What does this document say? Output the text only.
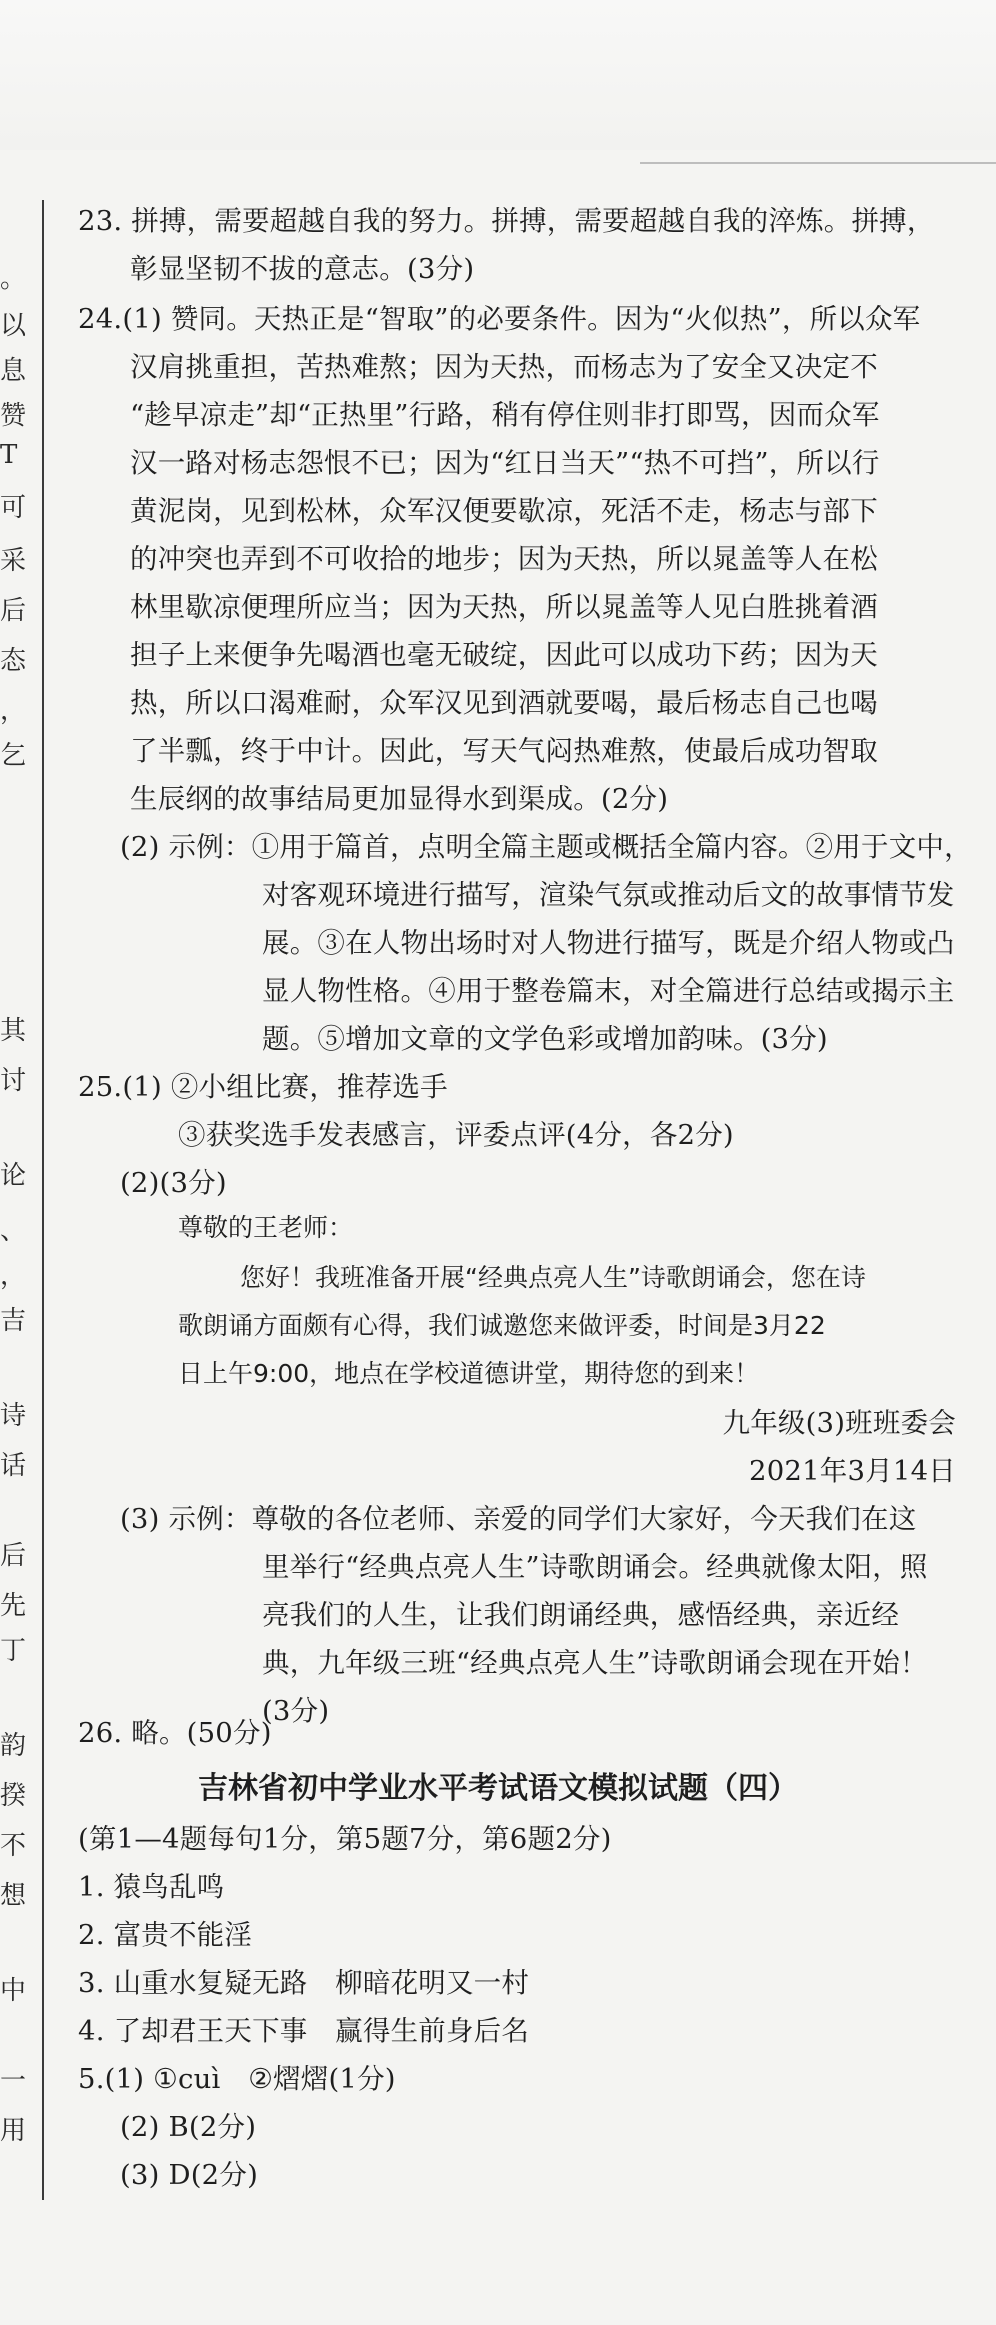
。
以
息
赞
T
可
采
后
态
，
乞
其
讨
论
、
，
吉
诗
话
后
先
丁
韵
揆
不
想
中
一
用
23. 拼搏，需要超越自我的努力。拼搏，需要超越自我的淬炼。拼搏，
彰显坚韧不拔的意志。(3分)
24.(1) 赞同。天热正是“智取”的必要条件。因为“火似热”，所以众军
汉肩挑重担，苦热难熬；因为天热，而杨志为了安全又决定不
“趁早凉走”却“正热里”行路，稍有停住则非打即骂，因而众军
汉一路对杨志怨恨不已；因为“红日当天”“热不可挡”，所以行
黄泥岗，见到松林，众军汉便要歇凉，死活不走，杨志与部下
的冲突也弄到不可收拾的地步；因为天热，所以晁盖等人在松
林里歇凉便理所应当；因为天热，所以晁盖等人见白胜挑着酒
担子上来便争先喝酒也毫无破绽，因此可以成功下药；因为天
热，所以口渴难耐，众军汉见到酒就要喝，最后杨志自己也喝
了半瓢，终于中计。因此，写天气闷热难熬，使最后成功智取
生辰纲的故事结局更加显得水到渠成。(2分)
(2) 示例：①用于篇首，点明全篇主题或概括全篇内容。②用于文中，
对客观环境进行描写，渲染气氛或推动后文的故事情节发
展。③在人物出场时对人物进行描写，既是介绍人物或凸
显人物性格。④用于整卷篇末，对全篇进行总结或揭示主
题。⑤增加文章的文学色彩或增加韵味。(3分)
25.(1) ②小组比赛，推荐选手
③获奖选手发表感言，评委点评(4分，各2分)
(2)(3分)
尊敬的王老师：
您好！我班准备开展“经典点亮人生”诗歌朗诵会，您在诗
歌朗诵方面颇有心得，我们诚邀您来做评委，时间是3月22
日上午9:00，地点在学校道德讲堂，期待您的到来！
九年级(3)班班委会
2021年3月14日
(3) 示例：尊敬的各位老师、亲爱的同学们大家好，今天我们在这
里举行“经典点亮人生”诗歌朗诵会。经典就像太阳，照
亮我们的人生，让我们朗诵经典，感悟经典，亲近经
典，九年级三班“经典点亮人生”诗歌朗诵会现在开始！
(3分)
26. 略。(50分)
吉林省初中学业水平考试语文模拟试题（四）
(第1—4题每句1分，第5题7分，第6题2分)
1. 猿鸟乱鸣
2. 富贵不能淫
3. 山重水复疑无路　柳暗花明又一村
4. 了却君王天下事　赢得生前身后名
5.(1) ①cuì　②熠熠(1分)
(2) B(2分)
(3) D(2分)
